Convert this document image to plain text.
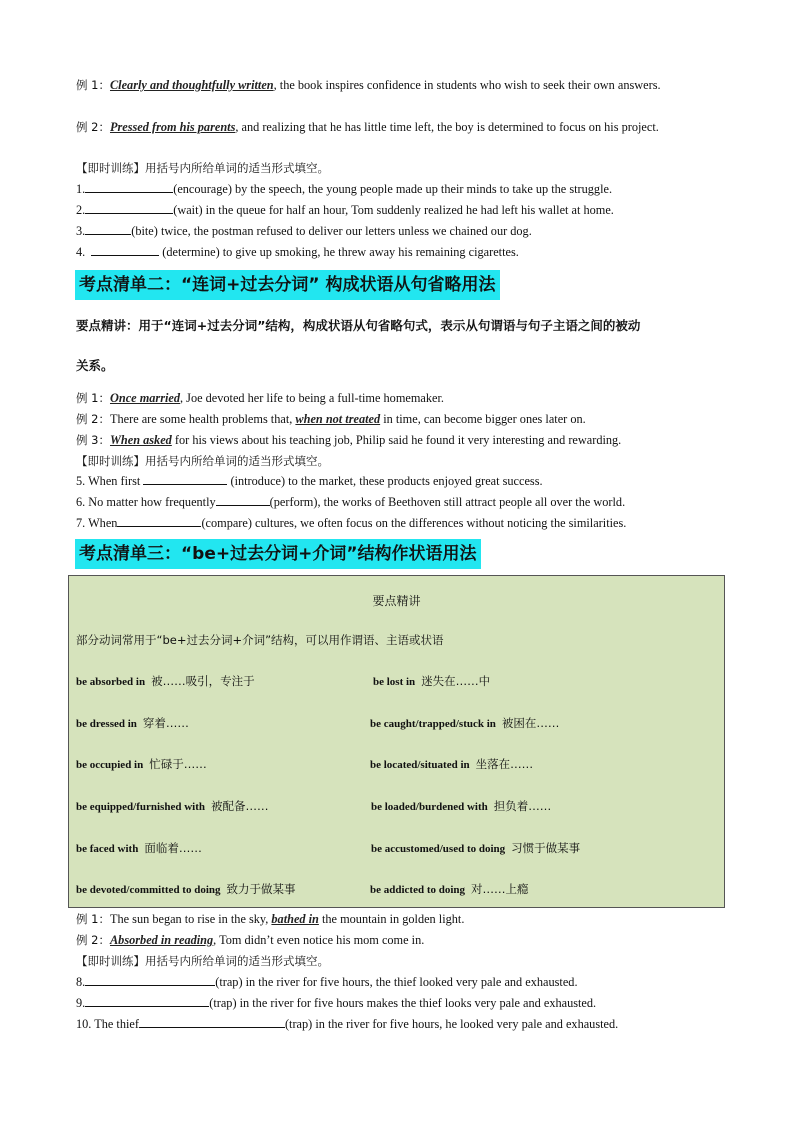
例 1：Clearly and thoughtfully written, the book inspires confidence in students who wish to seek their own answers.
例 2：Pressed from his parents, and realizing that he has little time left, the boy is determined to focus on his project.
【即时训练】用括号内所给单词的适当形式填空。
1.	(encourage) by the speech, the young people made up their minds to take up the struggle.
2.	(wait) in the queue for half an hour, Tom suddenly realized he had left his wallet at home.
3.	(bite) twice, the postman refused to deliver our letters unless we chained our dog.
4.	(determine) to give up smoking, he threw away his remaining cigarettes.
考点清单二：“连词+过去分词” 构成状语从句省略用法
要点精讲：用于“连词+过去分词”结构，构成状语从句省略句式，表示从句谓语与句子主语之间的被动
关系。
例 1：Once married, Joe devoted her life to being a full-time homemaker.
例 2：There are some health problems that, when not treated in time, can become bigger ones later on.
例 3：When asked for his views about his teaching job, Philip said he found it very interesting and rewarding.
【即时训练】用括号内所给单词的适当形式填空。
5. When first	(introduce) to the market, these products enjoyed great success.
6. No matter how frequently	(perform), the works of Beethoven still attract people all over the world.
7. When	(compare) cultures, we often focus on the differences without noticing the similarities.
考点清单三：“be+过去分词+介词”结构作状语用法
要点精讲
部分动词常用于“be+过去分词+介词”结构，可以用作谓语、主语或状语
be absorbed in 被……吸引，专注于	be lost in 迷失在……中
be dressed in 穿着……	be caught/trapped/stuck in 被困在……
be occupied in 忙碌于……	be located/situated in 坐落在……
be equipped/furnished with 被配备……	be loaded/burdened with 担负着……
be faced with 面临着……	be accustomed/used to doing 习惯于做某事
be devoted/committed to doing 致力于做某事	be addicted to doing 对……上瘾
例 1：The sun began to rise in the sky, bathed in the mountain in golden light.
例 2：Absorbed in reading, Tom didn’t even notice his mom come in.
【即时训练】用括号内所给单词的适当形式填空。
8.	(trap) in the river for five hours, the thief looked very pale and exhausted.
9.	(trap) in the river for five hours makes the thief looks very pale and exhausted.
10. The thief	(trap) in the river for five hours, he looked very pale and exhausted.
